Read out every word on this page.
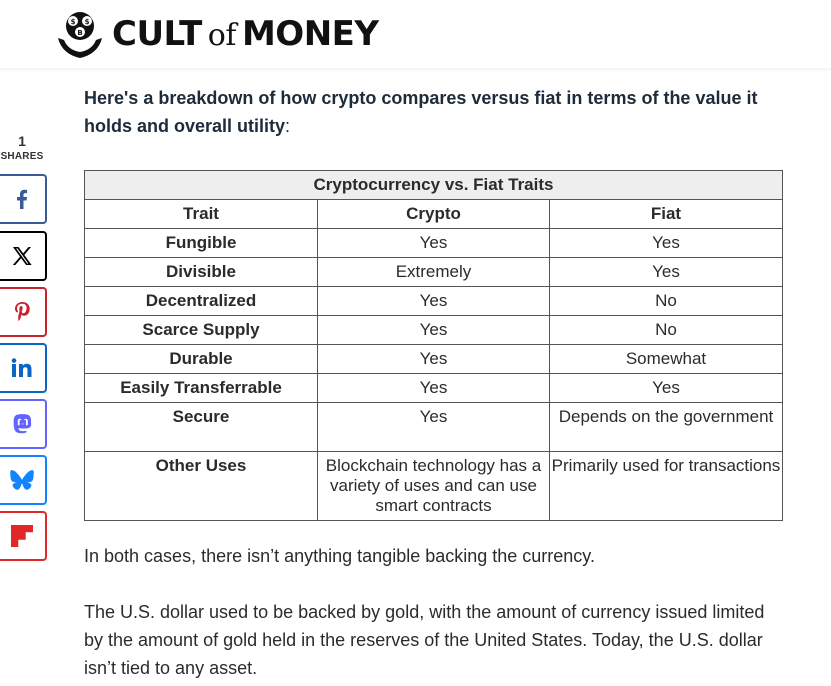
$ $
B CULT of MONEY
1
SHARES

Here's a breakdown of how crypto compares versus fiat in terms of the value it holds and overall utility:

Cryptocurrency vs. Fiat Traits		
Trait	Crypto	Fiat
Fungible	Yes	Yes
Divisible	Extremely	Yes
Decentralized	Yes	No
Scarce Supply	Yes	No
Durable	Yes	Somewhat
Easily Transferrable	Yes	Yes
Secure	Yes	Depends on the government
Other Uses	Blockchain technology has a variety of uses and can use smart contracts	Primarily used for transactions

In both cases, there isn’t anything tangible backing the currency.

The U.S. dollar used to be backed by gold, with the amount of currency issued limited by the amount of gold held in the reserves of the United States. Today, the U.S. dollar isn’t tied to any asset.
